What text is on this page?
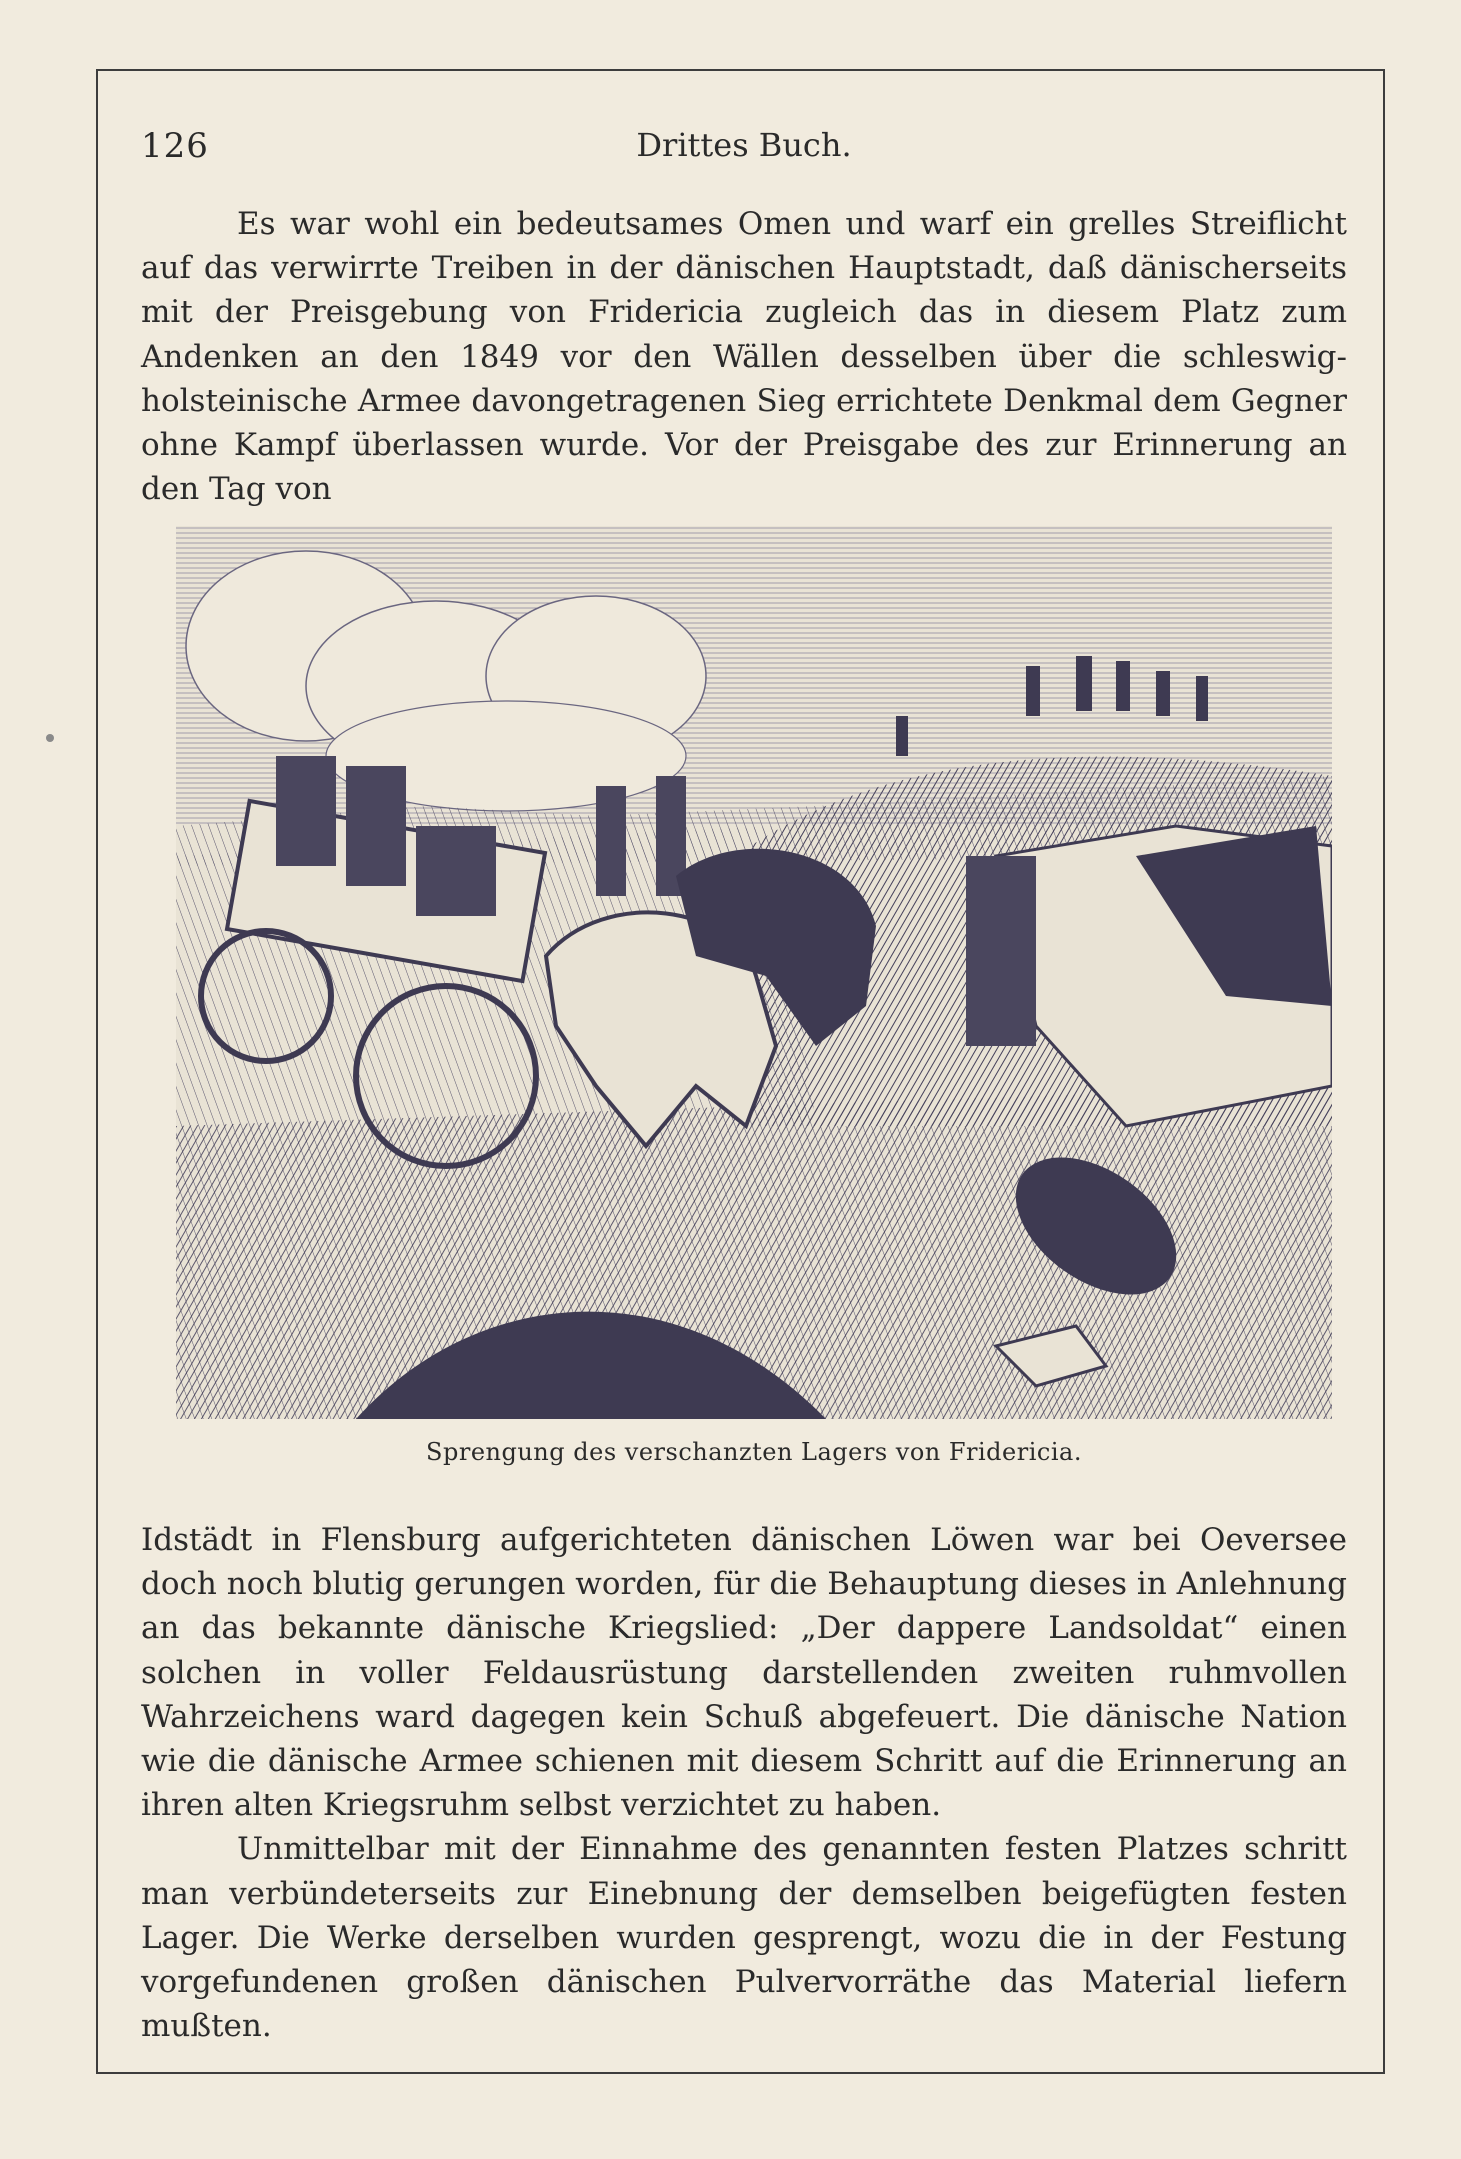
126	Drittes Buch.

Es war wohl ein bedeutsames Omen und warf ein grelles Streiflicht auf das verwirrte Treiben in der dänischen Hauptstadt, daß dänischerseits mit der Preisgebung von Fridericia zugleich das in diesem Platz zum Andenken an den 1849 vor den Wällen desselben über die schleswig-holsteinische Armee davongetragenen Sieg errichtete Denkmal dem Gegner ohne Kampf überlassen wurde. Vor der Preisgabe des zur Erinnerung an den Tag von

Sprengung des verschanzten Lagers von Fridericia.

Idstädt in Flensburg aufgerichteten dänischen Löwen war bei Oeversee doch noch blutig gerungen worden, für die Behauptung dieses in Anlehnung an das bekannte dänische Kriegslied: „Der dappere Landsoldat“ einen solchen in voller Feldausrüstung darstellenden zweiten ruhmvollen Wahrzeichens ward dagegen kein Schuß abgefeuert. Die dänische Nation wie die dänische Armee schienen mit diesem Schritt auf die Erinnerung an ihren alten Kriegsruhm selbst verzichtet zu haben.

Unmittelbar mit der Einnahme des genannten festen Platzes schritt man verbündeterseits zur Einebnung der demselben beigefügten festen Lager. Die Werke derselben wurden gesprengt, wozu die in der Festung vorgefundenen großen dänischen Pulvervorräthe das Material liefern mußten.
